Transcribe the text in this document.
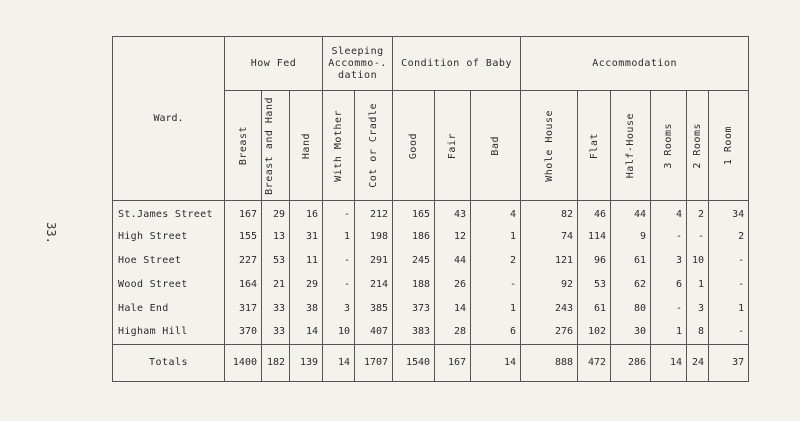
33.
Ward.	How Fed			Sleeping Accommo-. dation		Condition of Baby			Accommodation					

	Breast	Breast and Hand	Hand	With Mother	Cot or Cradle	Good	Fair	Bad	Whole House	Flat	Half-House	3 Rooms	2 Rooms	1 Room

St.James Street	167	29	16	-	212	165	43	4	82	46	44	4	2	34
High Street	155	13	31	1	198	186	12	1	74	114	9	-	-	2
Hoe Street	227	53	11	-	291	245	44	2	121	96	61	3	10	-
Wood Street	164	21	29	-	214	188	26	-	92	53	62	6	1	-
Hale End	317	33	38	3	385	373	14	1	243	61	80	-	3	1
Higham Hill	370	33	14	10	407	383	28	6	276	102	30	1	8	-
Totals	1400	182	139	14	1707	1540	167	14	888	472	286	14	24	37
